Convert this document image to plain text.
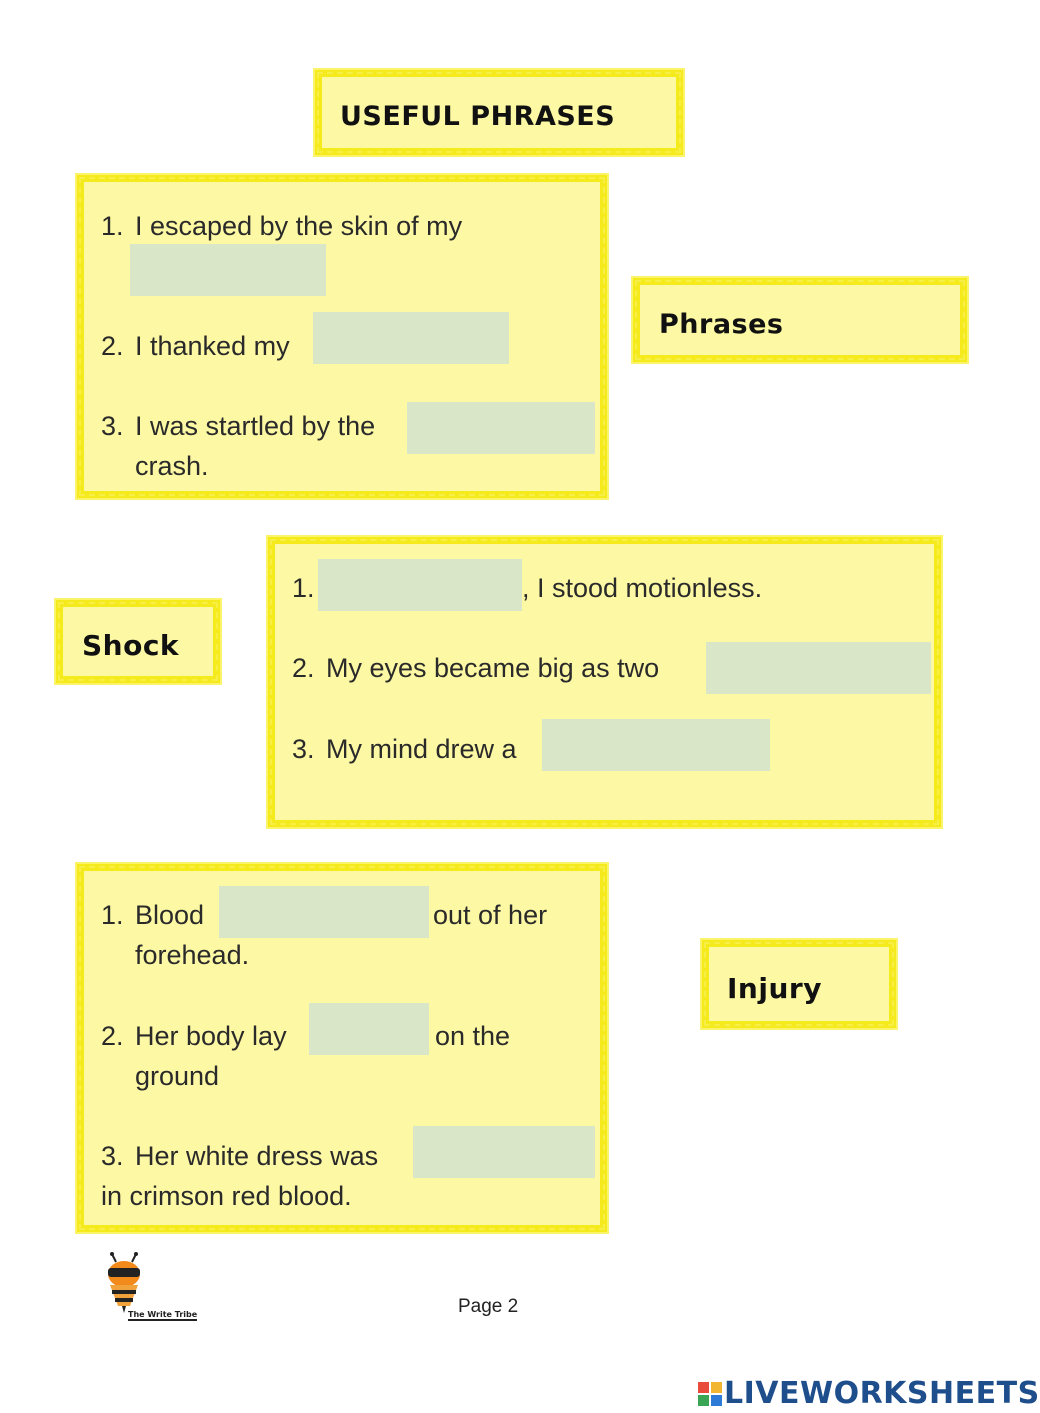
USEFUL PHRASES
1. I escaped by the skin of my
2. I thanked my
3. I was startled by the
crash.
Phrases
Shock
1.	, I stood motionless.
2. My eyes became big as two
3. My mind drew a
1. Blood	out of her
forehead.
2. Her body lay	on the
ground
3. Her white dress was
in crimson red blood.
Injury
The Write Tribe	Page 2
LIVEWORKSHEETS
